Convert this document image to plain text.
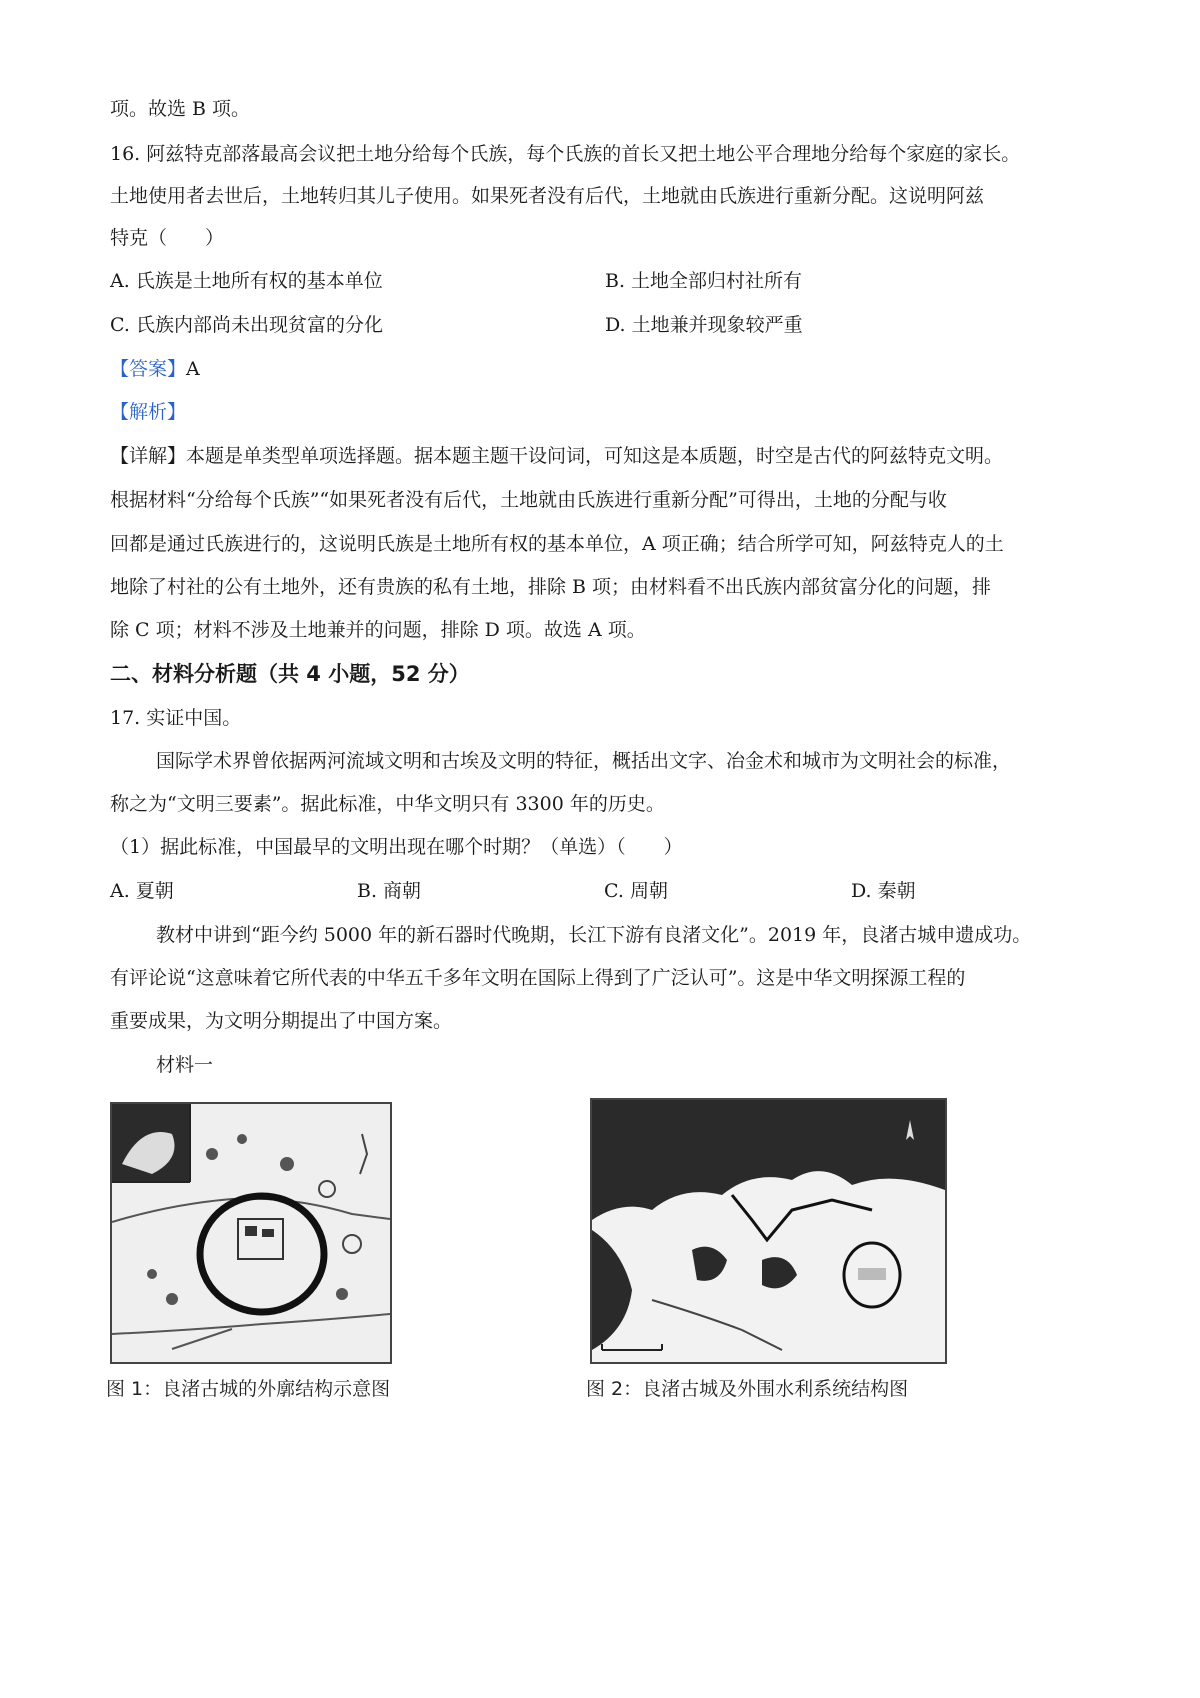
项。故选 B 项。
16. 阿兹特克部落最高会议把土地分给每个氏族，每个氏族的首长又把土地公平合理地分给每个家庭的家长。
土地使用者去世后，土地转归其儿子使用。如果死者没有后代，土地就由氏族进行重新分配。这说明阿兹
特克（　　）
A. 氏族是土地所有权的基本单位	B. 土地全部归村社所有
C. 氏族内部尚未出现贫富的分化	D. 土地兼并现象较严重
【答案】A
【解析】
【详解】本题是单类型单项选择题。据本题主题干设问词，可知这是本质题，时空是古代的阿兹特克文明。
根据材料“分给每个氏族”“如果死者没有后代，土地就由氏族进行重新分配”可得出，土地的分配与收
回都是通过氏族进行的，这说明氏族是土地所有权的基本单位，A 项正确；结合所学可知，阿兹特克人的土
地除了村社的公有土地外，还有贵族的私有土地，排除 B 项；由材料看不出氏族内部贫富分化的问题，排
除 C 项；材料不涉及土地兼并的问题，排除 D 项。故选 A 项。
二、材料分析题（共 4 小题，52 分）
17. 实证中国。
国际学术界曾依据两河流域文明和古埃及文明的特征，概括出文字、冶金术和城市为文明社会的标准，
称之为“文明三要素”。据此标准，中华文明只有 3300 年的历史。
（1）据此标准，中国最早的文明出现在哪个时期？（单选）（　　）
A. 夏朝	B. 商朝	C. 周朝	D. 秦朝
教材中讲到“距今约 5000 年的新石器时代晚期，长江下游有良渚文化”。2019 年，良渚古城申遗成功。
有评论说“这意味着它所代表的中华五千多年文明在国际上得到了广泛认可”。这是中华文明探源工程的
重要成果，为文明分期提出了中国方案。
材料一
图 1：良渚古城的外廓结构示意图	图 2：良渚古城及外围水利系统结构图
